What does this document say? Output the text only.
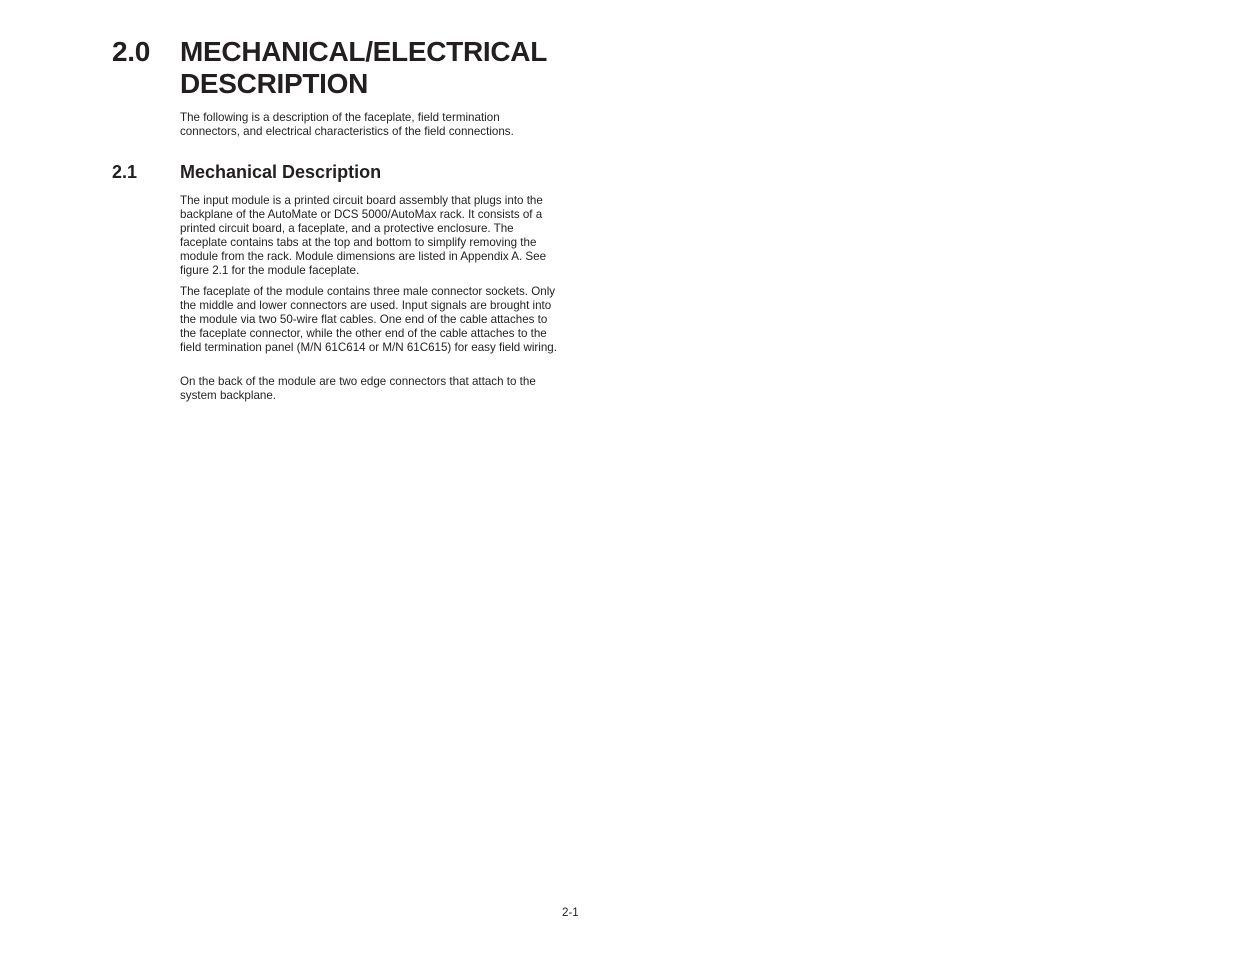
2.0 MECHANICAL/ELECTRICAL DESCRIPTION

The following is a description of the faceplate, field termination connectors, and electrical characteristics of the field connections.

2.1 Mechanical Description

The input module is a printed circuit board assembly that plugs into the backplane of the AutoMate or DCS 5000/AutoMax rack. It consists of a printed circuit board, a faceplate, and a protective enclosure. The faceplate contains tabs at the top and bottom to simplify removing the module from the rack. Module dimensions are listed in Appendix A. See figure 2.1 for the module faceplate.

The faceplate of the module contains three male connector sockets. Only the middle and lower connectors are used. Input signals are brought into the module via two 50-wire flat cables. One end of the cable attaches to the faceplate connector, while the other end of the cable attaches to the field termination panel (M/N 61C614 or M/N 61C615) for easy field wiring.

On the back of the module are two edge connectors that attach to the system backplane.

2-1
